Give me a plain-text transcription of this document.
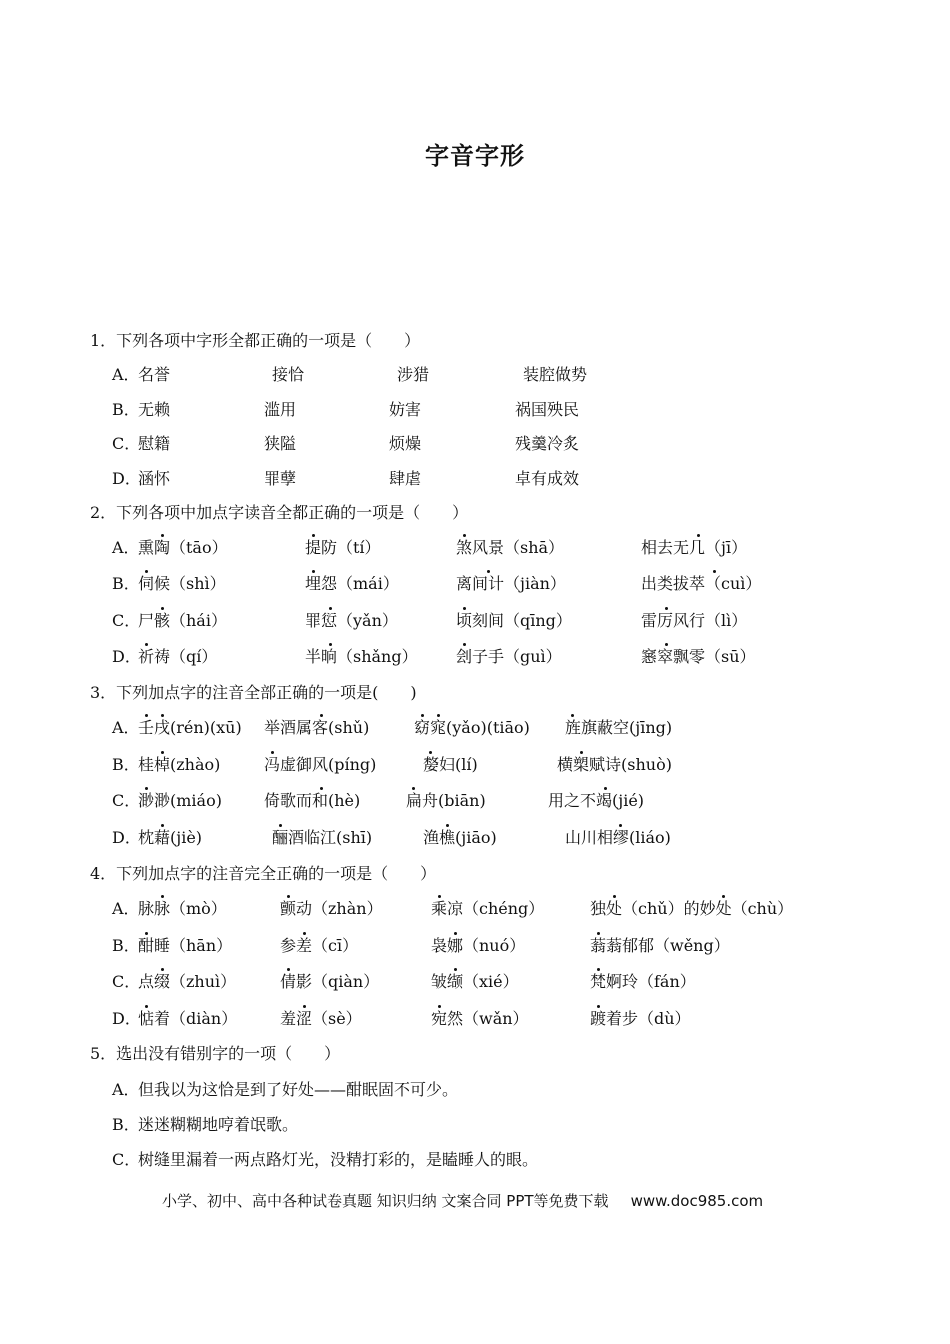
字音字形
1．下列各项中字形全都正确的一项是（　　）
A．
名誉	接恰	涉猎	装腔做势
B．
无赖	滥用	妨害	祸国殃民
C．
慰籍	狭隘	烦燥	残羹冷炙
D．
涵怀	罪孽	肆虐	卓有成效
2．下列各项中加点字读音全都正确的一项是（　　）
A．
熏陶（tāo）	提防（tí）	煞风景（shā）	相去无几（jī）
B．
伺候（shì）	埋怨（mái）	离间计（jiàn）	出类拔萃（cuì）
C．
尸骸（hái）	罪愆（yǎn）	顷刻间（qīng）	雷厉风行（lì）
D．
祈祷（qí）	半晌（shǎng） 刽子手（guì）	窸窣飘零（sū）
3．下列加点字的注音全部正确的一项是(　　)
A．
壬戌(rén)(xū) 举酒属客(shǔ)	窈窕(yǎo)(tiāo) 旌旗蔽空(jīng)
B．
桂棹(zhào)	冯虚御风(píng)	嫠妇(lí)	横槊赋诗(shuò)
C．
渺渺(miáo)	倚歌而和(hè)	扁舟(biān)	用之不竭(jié)
D．
枕藉(jiè)	酾酒临江(shī)	渔樵(jiāo)	山川相缪(liáo)
4．下列加点字的注音完全正确的一项是（　　）
A．
脉脉（mò）	颤动（zhàn）	乘凉（chéng）	独处（chǔ）的妙处（chù）
B．
酣睡（hān）	参差（cī）	袅娜（nuó）	蓊蓊郁郁（wěng）
C．
点缀（zhuì）	倩影（qiàn）	皱缬（xié）	梵婀玲（fán）
D．
惦着（diàn）	羞涩（sè）	宛然（wǎn）	踱着步（dù）
5．选出没有错别字的一项（　　）
A．
但我以为这恰是到了好处——酣眠固不可少。
B．
迷迷糊糊地哼着氓歌。
C．
树缝里漏着一两点路灯光，没精打彩的，是瞌睡人的眼。
小学、初中、高中各种试卷真题 知识归纳 文案合同 PPT等免费下载 www.doc985.com
